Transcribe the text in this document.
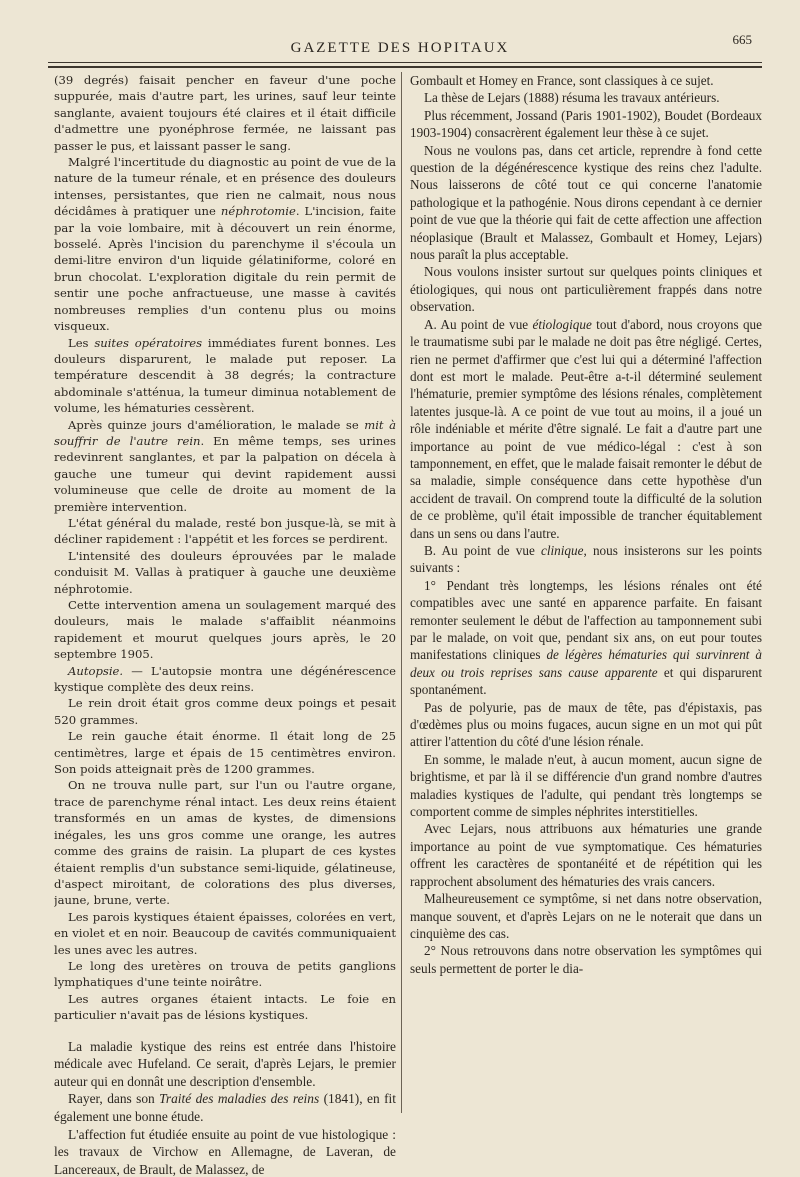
GAZETTE DES HOPITAUX
665

(39 degrés) faisait pencher en faveur d'une poche suppurée, mais d'autre part, les urines, sauf leur teinte sanglante, avaient toujours été claires et il était difficile d'admettre une pyonéphrose fermée, ne laissant pas passer le pus, et laissant passer le sang.

Malgré l'incertitude du diagnostic au point de vue de la nature de la tumeur rénale, et en présence des douleurs intenses, persistantes, que rien ne calmait, nous nous décidâmes à pratiquer une néphrotomie. L'incision, faite par la voie lombaire, mit à découvert un rein énorme, bosselé. Après l'incision du parenchyme il s'écoula un demi-litre environ d'un liquide gélatiniforme, coloré en brun chocolat. L'exploration digitale du rein permit de sentir une poche anfractueuse, une masse à cavités nombreuses remplies d'un contenu plus ou moins visqueux.

Les suites opératoires immédiates furent bonnes. Les douleurs disparurent, le malade put reposer. La température descendit à 38 degrés; la contracture abdominale s'atténua, la tumeur diminua notablement de volume, les hématuries cessèrent.

Après quinze jours d'amélioration, le malade se mit à souffrir de l'autre rein. En même temps, ses urines redevinrent sanglantes, et par la palpation on décela à gauche une tumeur qui devint rapidement aussi volumineuse que celle de droite au moment de la première intervention.

L'état général du malade, resté bon jusque-là, se mit à décliner rapidement : l'appétit et les forces se perdirent.

L'intensité des douleurs éprouvées par le malade conduisit M. Vallas à pratiquer à gauche une deuxième néphrotomie.

Cette intervention amena un soulagement marqué des douleurs, mais le malade s'affaiblit néanmoins rapidement et mourut quelques jours après, le 20 septembre 1905.

Autopsie. — L'autopsie montra une dégénérescence kystique complète des deux reins.

Le rein droit était gros comme deux poings et pesait 520 grammes.

Le rein gauche était énorme. Il était long de 25 centimètres, large et épais de 15 centimètres environ. Son poids atteignait près de 1200 grammes.

On ne trouva nulle part, sur l'un ou l'autre organe, trace de parenchyme rénal intact. Les deux reins étaient transformés en un amas de kystes, de dimensions inégales, les uns gros comme une orange, les autres comme des grains de raisin. La plupart de ces kystes étaient remplis d'un substance semi-liquide, gélatineuse, d'aspect miroitant, de colorations des plus diverses, jaune, brune, verte.

Les parois kystiques étaient épaisses, colorées en vert, en violet et en noir. Beaucoup de cavités communiquaient les unes avec les autres.

Le long des uretères on trouva de petits ganglions lymphatiques d'une teinte noirâtre.

Les autres organes étaient intacts. Le foie en particulier n'avait pas de lésions kystiques.

La maladie kystique des reins est entrée dans l'histoire médicale avec Hufeland. Ce serait, d'après Lejars, le premier auteur qui en donnât une description d'ensemble.

Rayer, dans son Traité des maladies des reins (1841), en fit également une bonne étude.

L'affection fut étudiée ensuite au point de vue histologique : les travaux de Virchow en Allemagne, de Laveran, de Lancereaux, de Brault, de Malassez, de

Gombault et Homey en France, sont classiques à ce sujet.

La thèse de Lejars (1888) résuma les travaux antérieurs.

Plus récemment, Jossand (Paris 1901-1902), Boudet (Bordeaux 1903-1904) consacrèrent également leur thèse à ce sujet.

Nous ne voulons pas, dans cet article, reprendre à fond cette question de la dégénérescence kystique des reins chez l'adulte. Nous laisserons de côté tout ce qui concerne l'anatomie pathologique et la pathogénie. Nous dirons cependant à ce dernier point de vue que la théorie qui fait de cette affection une affection néoplasique (Brault et Malassez, Gombault et Homey, Lejars) nous paraît la plus acceptable.

Nous voulons insister surtout sur quelques points cliniques et étiologiques, qui nous ont particulièrement frappés dans notre observation.

A. Au point de vue étiologique tout d'abord, nous croyons que le traumatisme subi par le malade ne doit pas être négligé. Certes, rien ne permet d'affirmer que c'est lui qui a déterminé l'affection dont est mort le malade. Peut-être a-t-il déterminé seulement l'hématurie, premier symptôme des lésions rénales, complètement latentes jusque-là. A ce point de vue tout au moins, il a joué un rôle indéniable et mérite d'être signalé. Le fait a d'autre part une importance au point de vue médico-légal : c'est à son tamponnement, en effet, que le malade faisait remonter le début de sa maladie, simple conséquence dans cette hypothèse d'un accident de travail. On comprend toute la difficulté de la solution de ce problème, qu'il était impossible de trancher équitablement dans un sens ou dans l'autre.

B. Au point de vue clinique, nous insisterons sur les points suivants :

1° Pendant très longtemps, les lésions rénales ont été compatibles avec une santé en apparence parfaite. En faisant remonter seulement le début de l'affection au tamponnement subi par le malade, on voit que, pendant six ans, on eut pour toutes manifestations cliniques de légères hématuries qui survinrent à deux ou trois reprises sans cause apparente et qui disparurent spontanément.

Pas de polyurie, pas de maux de tête, pas d'épistaxis, pas d'œdèmes plus ou moins fugaces, aucun signe en un mot qui pût attirer l'attention du côté d'une lésion rénale.

En somme, le malade n'eut, à aucun moment, aucun signe de brightisme, et par là il se différencie d'un grand nombre d'autres maladies kystiques de l'adulte, qui pendant très longtemps se comportent comme de simples néphrites interstitielles.

Avec Lejars, nous attribuons aux hématuries une grande importance au point de vue symptomatique. Ces hématuries offrent les caractères de spontanéité et de répétition qui les rapprochent absolument des hématuries des vrais cancers.

Malheureusement ce symptôme, si net dans notre observation, manque souvent, et d'après Lejars on ne le noterait que dans un cinquième des cas.

2° Nous retrouvons dans notre observation les symptômes qui seuls permettent de porter le dia-
